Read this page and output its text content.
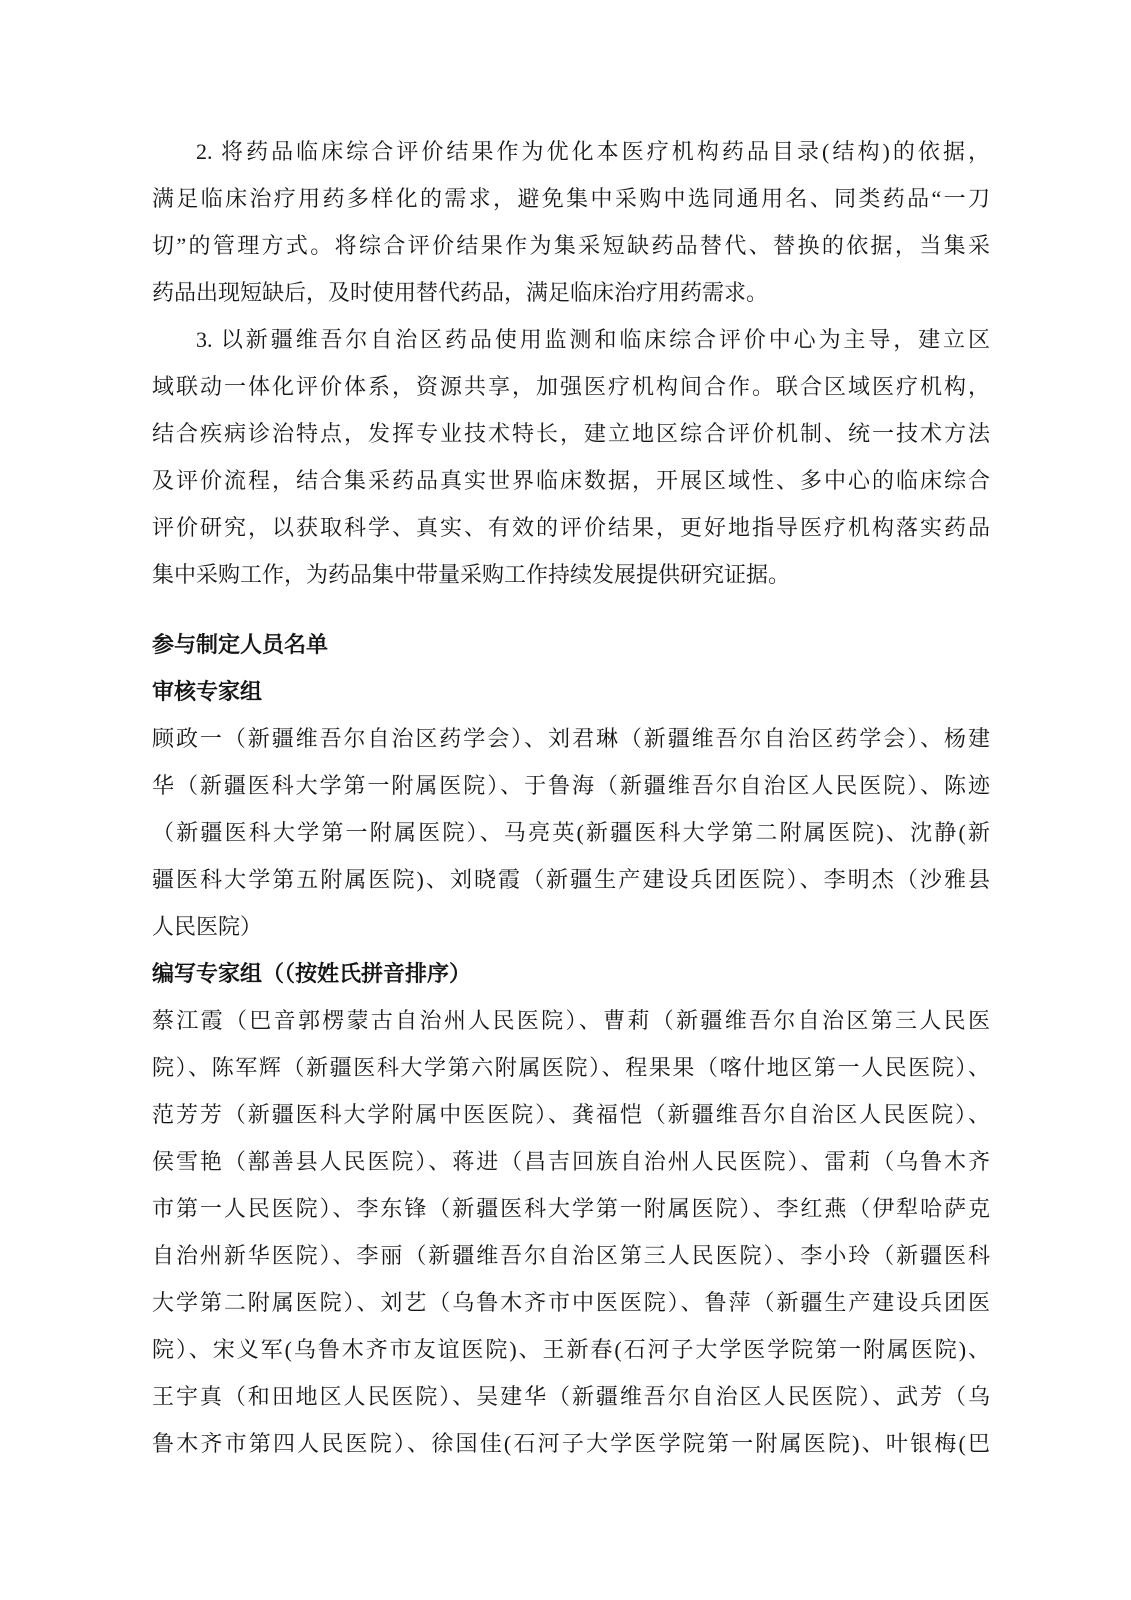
2. 将药品临床综合评价结果作为优化本医疗机构药品目录(结构)的依据，
满足临床治疗用药多样化的需求，避免集中采购中选同通用名、同类药品“一刀
切”的管理方式。将综合评价结果作为集采短缺药品替代、替换的依据，当集采
药品出现短缺后，及时使用替代药品，满足临床治疗用药需求。
3. 以新疆维吾尔自治区药品使用监测和临床综合评价中心为主导，建立区
域联动一体化评价体系，资源共享，加强医疗机构间合作。联合区域医疗机构，
结合疾病诊治特点，发挥专业技术特长，建立地区综合评价机制、统一技术方法
及评价流程，结合集采药品真实世界临床数据，开展区域性、多中心的临床综合
评价研究，以获取科学、真实、有效的评价结果，更好地指导医疗机构落实药品
集中采购工作，为药品集中带量采购工作持续发展提供研究证据。
参与制定人员名单
审核专家组
顾政一（新疆维吾尔自治区药学会）、刘君琳（新疆维吾尔自治区药学会）、杨建
华（新疆医科大学第一附属医院）、于鲁海（新疆维吾尔自治区人民医院）、陈迹
（新疆医科大学第一附属医院）、马亮英(新疆医科大学第二附属医院)、沈静(新
疆医科大学第五附属医院)、刘晓霞（新疆生产建设兵团医院）、李明杰（沙雅县
人民医院）
编写专家组（（按姓氏拼音排序）
蔡江霞（巴音郭楞蒙古自治州人民医院）、曹莉（新疆维吾尔自治区第三人民医
院）、陈军辉（新疆医科大学第六附属医院）、程果果（喀什地区第一人民医院）、
范芳芳（新疆医科大学附属中医医院）、龚福恺（新疆维吾尔自治区人民医院）、
侯雪艳（鄯善县人民医院）、蒋进（昌吉回族自治州人民医院）、雷莉（乌鲁木齐
市第一人民医院）、李东锋（新疆医科大学第一附属医院）、李红燕（伊犁哈萨克
自治州新华医院）、李丽（新疆维吾尔自治区第三人民医院）、李小玲（新疆医科
大学第二附属医院）、刘艺（乌鲁木齐市中医医院）、鲁萍（新疆生产建设兵团医
院）、宋义军(乌鲁木齐市友谊医院)、王新春(石河子大学医学院第一附属医院)、
王宇真（和田地区人民医院）、吴建华（新疆维吾尔自治区人民医院）、武芳（乌
鲁木齐市第四人民医院）、徐国佳(石河子大学医学院第一附属医院)、叶银梅(巴
